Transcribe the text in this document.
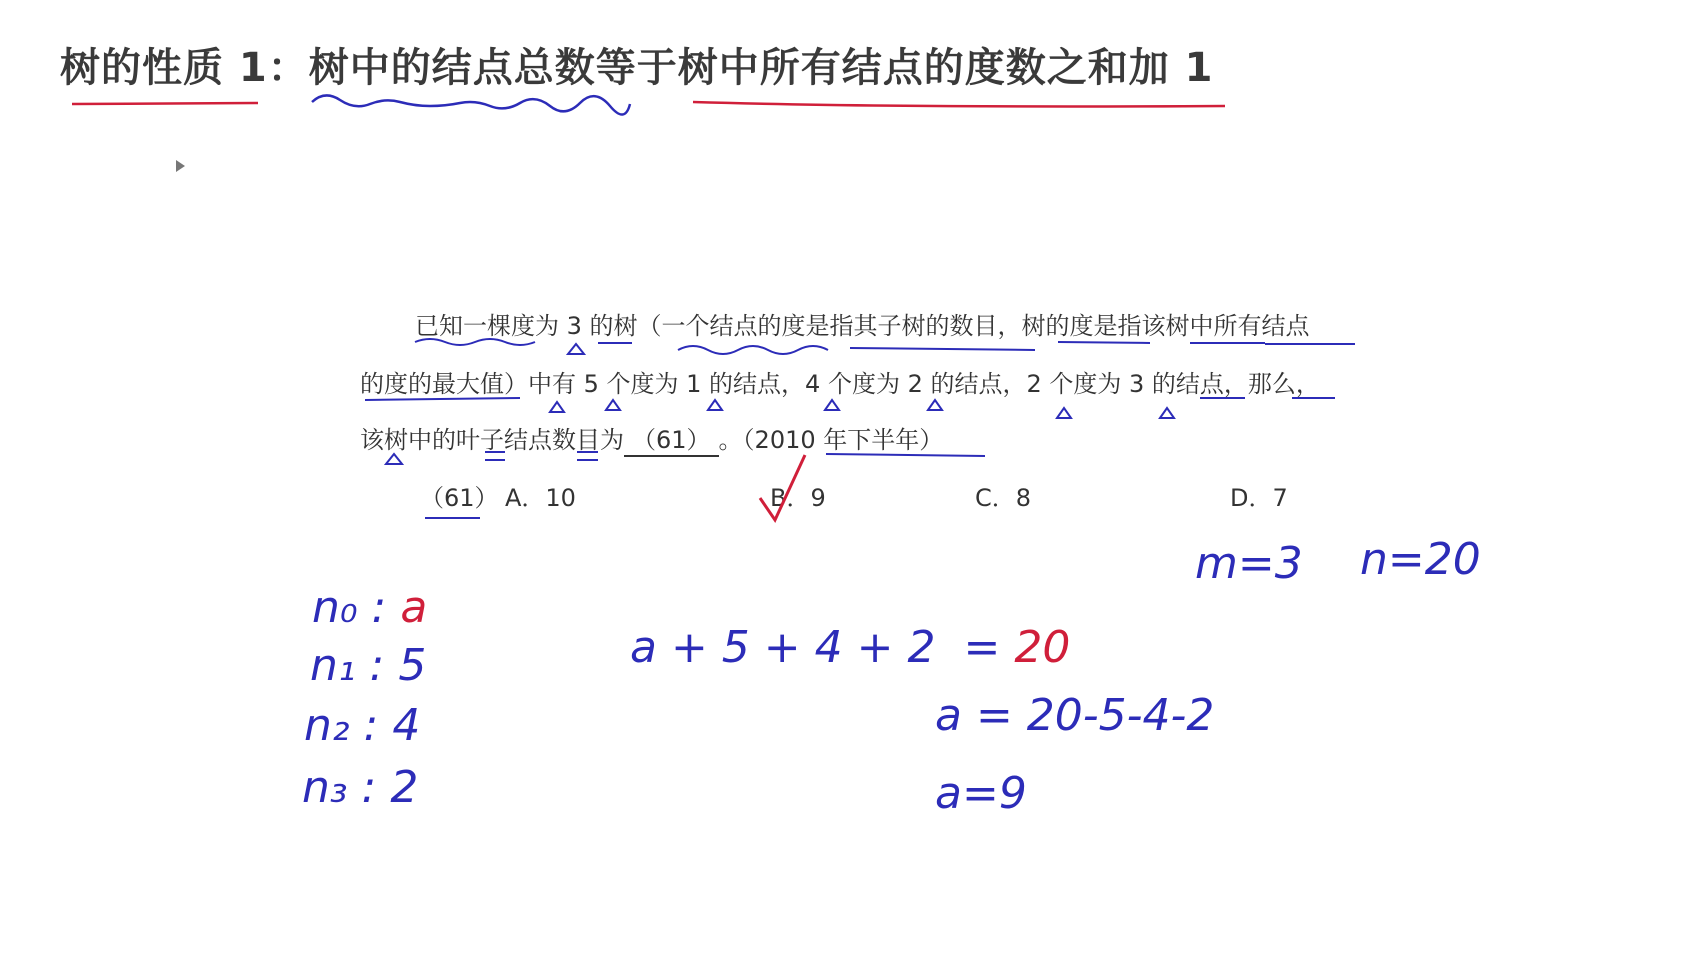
树的性质 1：树中的结点总数等于树中所有结点的度数之和加 1
已知一棵度为 3 的树（一个结点的度是指其子树的数目，树的度是指该树中所有结点
的度的最大值）中有 5 个度为 1 的结点，4 个度为 2 的结点，2 个度为 3 的结点，那么，
该树中的叶子结点数目为 （61） 。（2010 年下半年）
（61） A．10	B．9	C．8	D．7
m=3 n=20
n₀ : a
n₁ : 5
n₂ : 4
n₃ : 2
a + 5 + 4 + 2 = 20
a = 20-5-4-2
a=9
